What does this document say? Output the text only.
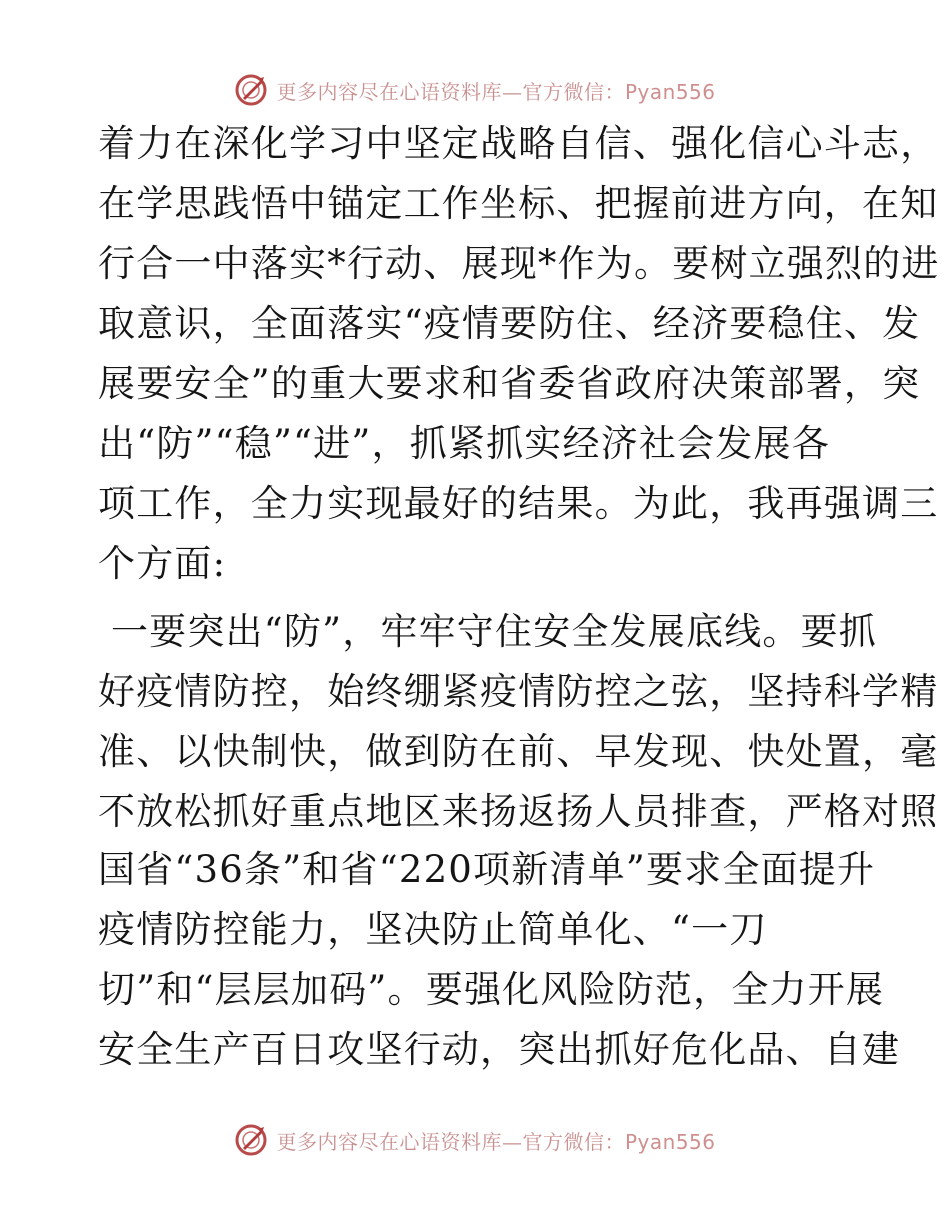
更多内容尽在心语资料库—官方微信：Pyan556
着力在深化学习中坚定战略自信、强化信心斗志，
在学思践悟中锚定工作坐标、把握前进方向，在知
行合一中落实*行动、展现*作为。要树立强烈的进
取意识，全面落实“疫情要防住、经济要稳住、发
展要安全”的重大要求和省委省政府决策部署，突
出“防”“稳”“进”，抓紧抓实经济社会发展各
项工作，全力实现最好的结果。为此，我再强调三
个方面:
一要突出“防”，牢牢守住安全发展底线。要抓
好疫情防控，始终绷紧疫情防控之弦，坚持科学精
准、以快制快，做到防在前、早发现、快处置，毫
不放松抓好重点地区来扬返扬人员排查，严格对照
国省“36条”和省“220项新清单”要求全面提升
疫情防控能力，坚决防止简单化、“一刀
切”和“层层加码”。要强化风险防范，全力开展
安全生产百日攻坚行动，突出抓好危化品、自建
更多内容尽在心语资料库—官方微信：Pyan556
